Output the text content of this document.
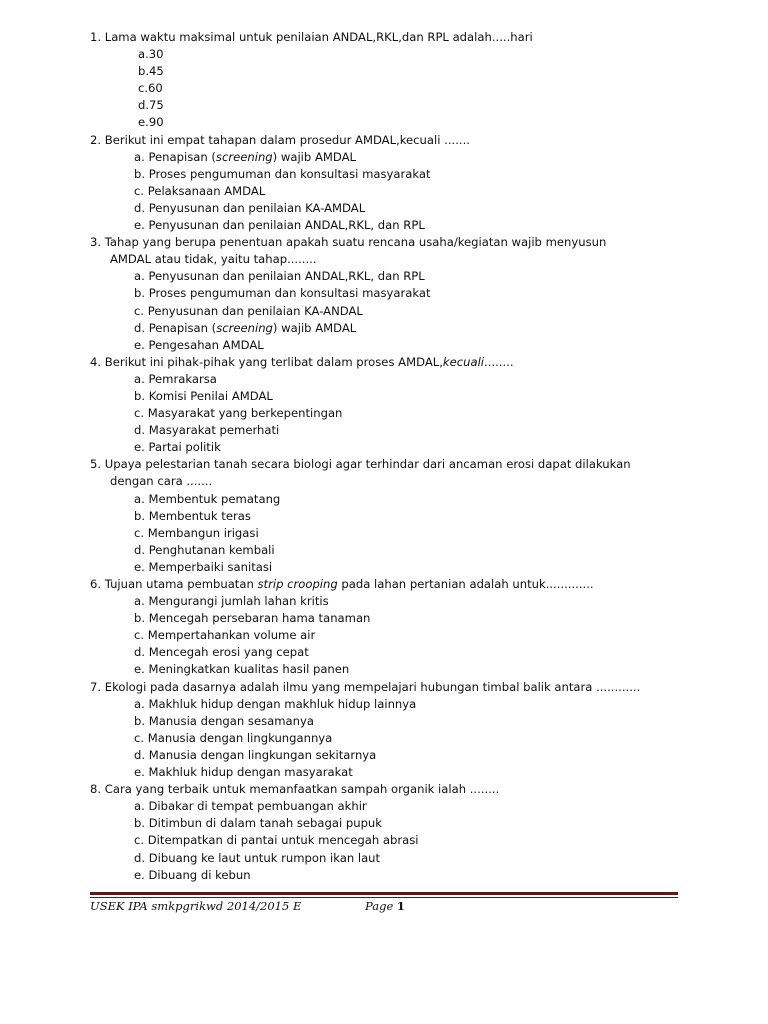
1. Lama waktu maksimal untuk penilaian ANDAL,RKL,dan RPL adalah.....hari
a.30
b.45
c.60
d.75
e.90
2. Berikut ini empat tahapan dalam prosedur AMDAL,kecuali .......
a. Penapisan (screening) wajib AMDAL
b. Proses pengumuman dan konsultasi masyarakat
c. Pelaksanaan AMDAL
d. Penyusunan dan penilaian KA-AMDAL
e. Penyusunan dan penilaian ANDAL,RKL, dan RPL
3. Tahap yang berupa penentuan apakah suatu rencana usaha/kegiatan wajib menyusun
AMDAL atau tidak, yaitu tahap........
a. Penyusunan dan penilaian ANDAL,RKL, dan RPL
b. Proses pengumuman dan konsultasi masyarakat
c. Penyusunan dan penilaian KA-ANDAL
d. Penapisan (screening) wajib AMDAL
e. Pengesahan AMDAL
4. Berikut ini pihak-pihak yang terlibat dalam proses AMDAL,kecuali........
a. Pemrakarsa
b. Komisi Penilai AMDAL
c. Masyarakat yang berkepentingan
d. Masyarakat pemerhati
e. Partai politik
5. Upaya pelestarian tanah secara biologi agar terhindar dari ancaman erosi dapat dilakukan
dengan cara .......
a. Membentuk pematang
b. Membentuk teras
c. Membangun irigasi
d. Penghutanan kembali
e. Memperbaiki sanitasi
6. Tujuan utama pembuatan strip crooping pada lahan pertanian adalah untuk.............
a. Mengurangi jumlah lahan kritis
b. Mencegah persebaran hama tanaman
c. Mempertahankan volume air
d. Mencegah erosi yang cepat
e. Meningkatkan kualitas hasil panen
7. Ekologi pada dasarnya adalah ilmu yang mempelajari hubungan timbal balik antara ............
a. Makhluk hidup dengan makhluk hidup lainnya
b. Manusia dengan sesamanya
c. Manusia dengan lingkungannya
d. Manusia dengan lingkungan sekitarnya
e. Makhluk hidup dengan masyarakat
8. Cara yang terbaik untuk memanfaatkan sampah organik ialah ........
a. Dibakar di tempat pembuangan akhir
b. Ditimbun di dalam tanah sebagai pupuk
c. Ditempatkan di pantai untuk mencegah abrasi
d. Dibuang ke laut untuk rumpon ikan laut
e. Dibuang di kebun
USEK IPA smkpgrikwd 2014/2015 E	Page 1
